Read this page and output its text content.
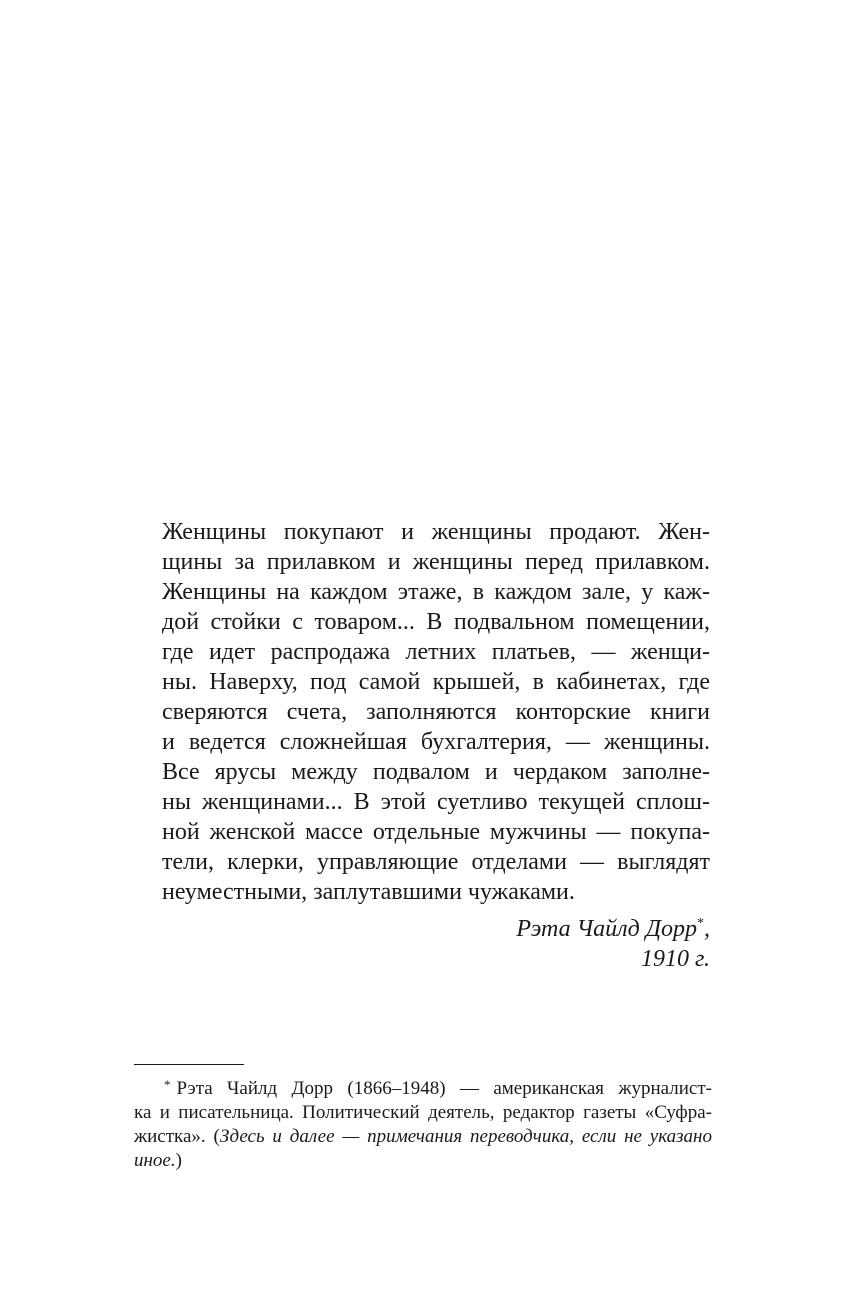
Женщины покупают и женщины продают. Жен-
щины за прилавком и женщины перед прилавком.
Женщины на каждом этаже, в каждом зале, у каж-
дой стойки с товаром... В подвальном помещении,
где идет распродажа летних платьев, — женщи-
ны. Наверху, под самой крышей, в кабинетах, где
сверяются счета, заполняются конторские книги
и ведется сложнейшая бухгалтерия, — женщины.
Все ярусы между подвалом и чердаком заполне-
ны женщинами... В этой суетливо текущей сплош-
ной женской массе отдельные мужчины — покупа-
тели, клерки, управляющие отделами — выглядят
неуместными, заплутавшими чужаками.
Рэта Чайлд Дорр*,
1910 г.
* Рэта Чайлд Дорр (1866–1948) — американская журналист-
ка и писательница. Политический деятель, редактор газеты «Суфра-
жистка». (Здесь и далее — примечания переводчика, если не указано
иное.)
